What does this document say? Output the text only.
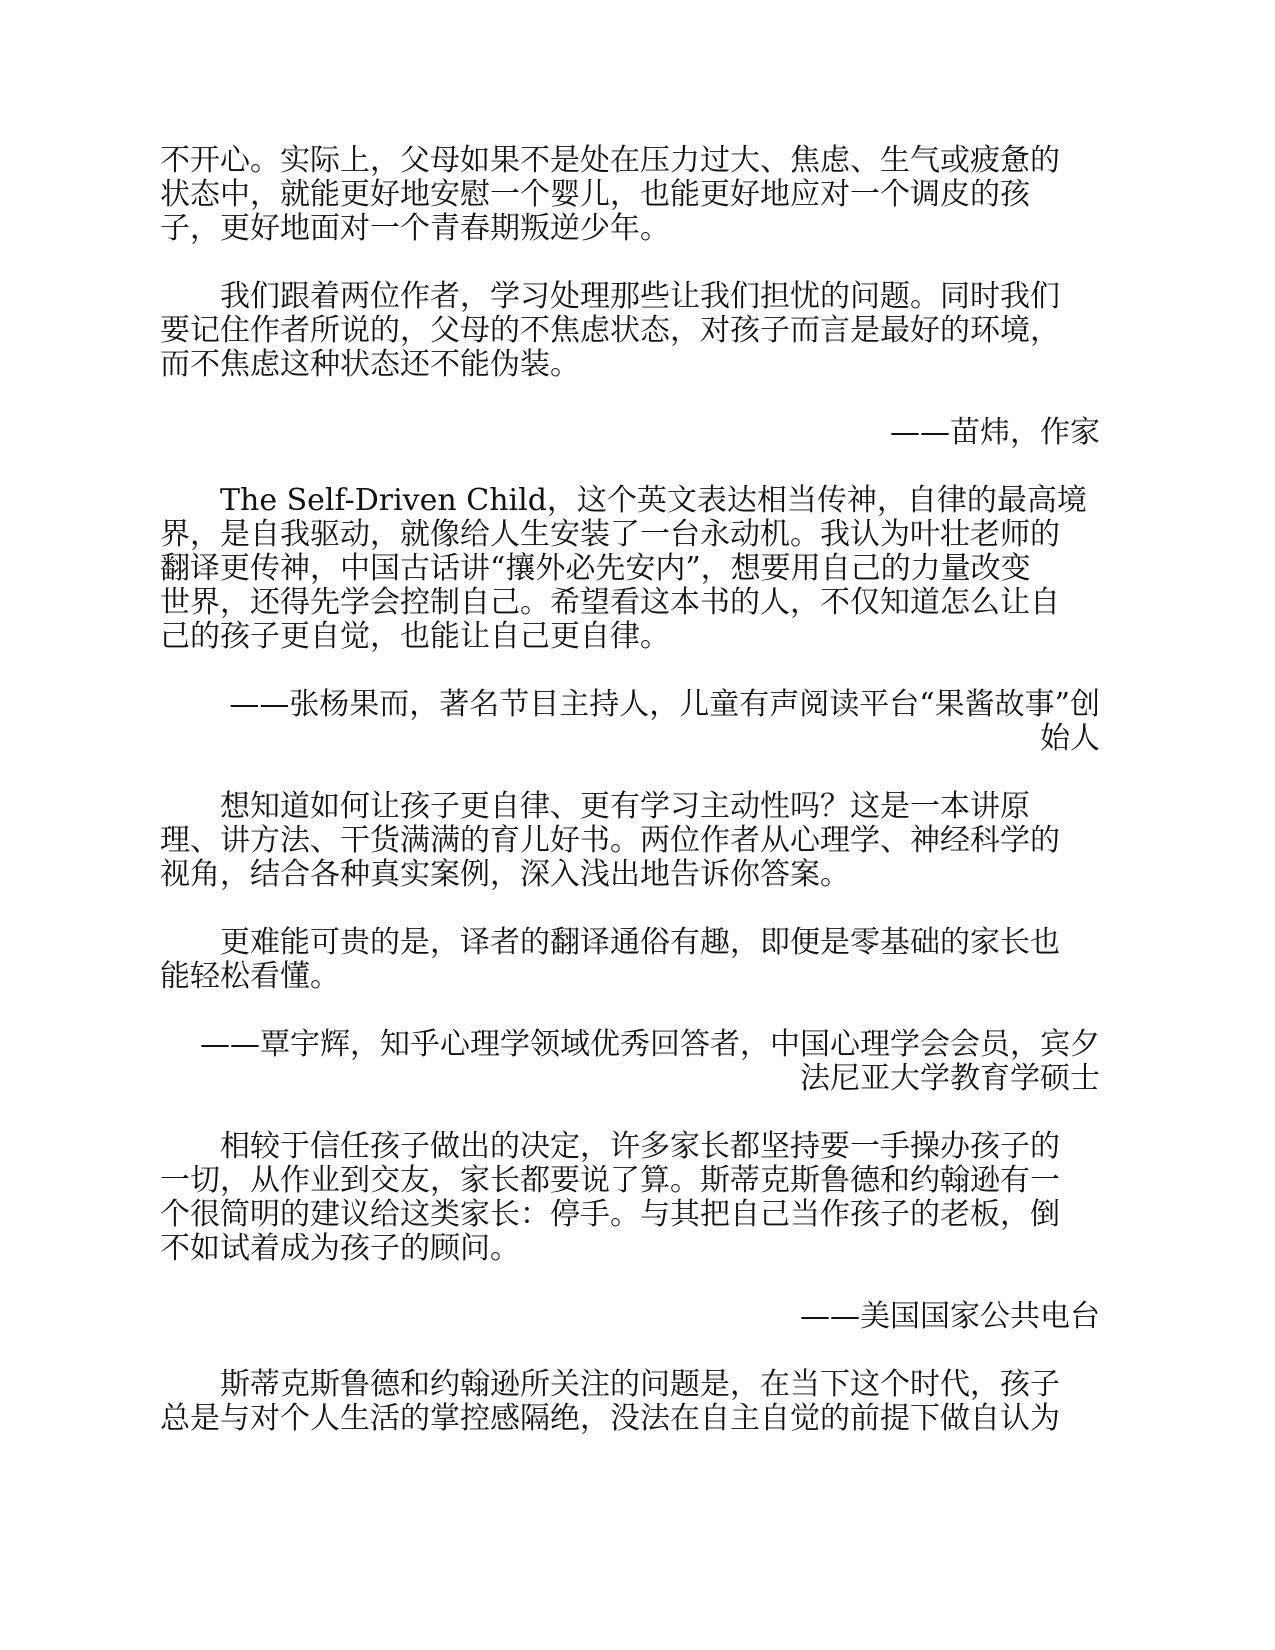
不开心。实际上，父母如果不是处在压力过大、焦虑、生气或疲惫的
状态中，就能更好地安慰一个婴儿，也能更好地应对一个调皮的孩
子，更好地面对一个青春期叛逆少年。

我们跟着两位作者，学习处理那些让我们担忧的问题。同时我们
要记住作者所说的，父母的不焦虑状态，对孩子而言是最好的环境，
而不焦虑这种状态还不能伪装。

——苗炜，作家

The Self-Driven Child，这个英文表达相当传神，自律的最高境
界，是自我驱动，就像给人生安装了一台永动机。我认为叶壮老师的
翻译更传神，中国古话讲“攘外必先安内”，想要用自己的力量改变
世界，还得先学会控制自己。希望看这本书的人，不仅知道怎么让自
己的孩子更自觉，也能让自己更自律。

——张杨果而，著名节目主持人，儿童有声阅读平台“果酱故事”创
始人

想知道如何让孩子更自律、更有学习主动性吗？这是一本讲原
理、讲方法、干货满满的育儿好书。两位作者从心理学、神经科学的
视角，结合各种真实案例，深入浅出地告诉你答案。

更难能可贵的是，译者的翻译通俗有趣，即便是零基础的家长也
能轻松看懂。

——覃宇辉，知乎心理学领域优秀回答者，中国心理学会会员，宾夕
法尼亚大学教育学硕士

相较于信任孩子做出的决定，许多家长都坚持要一手操办孩子的
一切，从作业到交友，家长都要说了算。斯蒂克斯鲁德和约翰逊有一
个很简明的建议给这类家长：停手。与其把自己当作孩子的老板，倒
不如试着成为孩子的顾问。

——美国国家公共电台

斯蒂克斯鲁德和约翰逊所关注的问题是，在当下这个时代，孩子
总是与对个人生活的掌控感隔绝，没法在自主自觉的前提下做自认为
